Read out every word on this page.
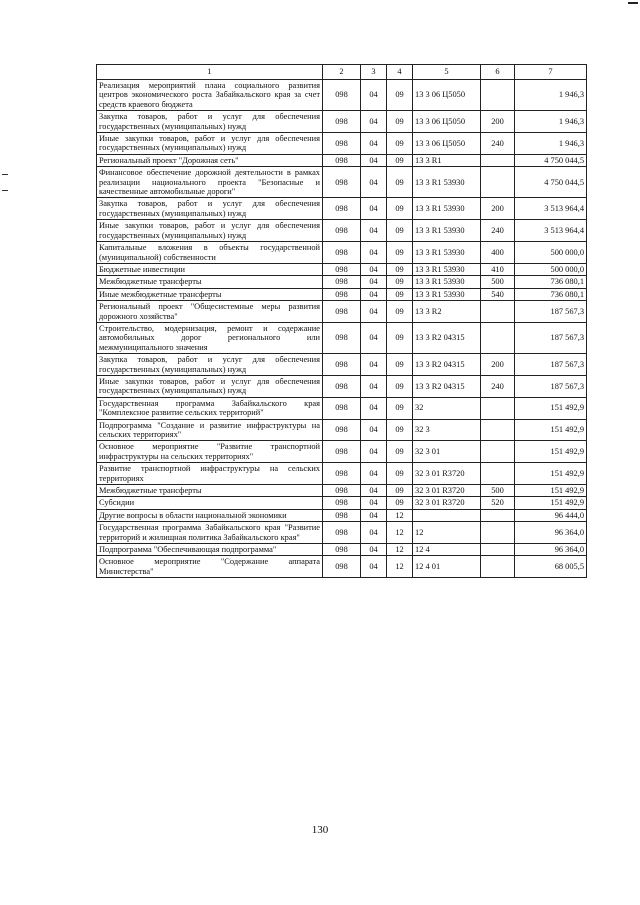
1	2	3	4	5	6	7
Реализация мероприятий плана социального развития центров экономического роста Забайкальского края за счет средств краевого бюджета	098	04	09	13 3 06 Ц5050		1 946,3
Закупка товаров, работ и услуг для обеспечения государственных (муниципальных) нужд	098	04	09	13 3 06 Ц5050	200	1 946,3
Иные закупки товаров, работ и услуг для обеспечения государственных (муниципальных) нужд	098	04	09	13 3 06 Ц5050	240	1 946,3
Региональный проект "Дорожная сеть"	098	04	09	13 3 R1		4 750 044,5
Финансовое обеспечение дорожной деятельности в рамках реализации национального проекта "Безопасные и качественные автомобильные дороги"	098	04	09	13 3 R1 53930		4 750 044,5
Закупка товаров, работ и услуг для обеспечения государственных (муниципальных) нужд	098	04	09	13 3 R1 53930	200	3 513 964,4
Иные закупки товаров, работ и услуг для обеспечения государственных (муниципальных) нужд	098	04	09	13 3 R1 53930	240	3 513 964,4
Капитальные вложения в объекты государственной (муниципальной) собственности	098	04	09	13 3 R1 53930	400	500 000,0
Бюджетные инвестиции	098	04	09	13 3 R1 53930	410	500 000,0
Межбюджетные трансферты	098	04	09	13 3 R1 53930	500	736 080,1
Иные межбюджетные трансферты	098	04	09	13 3 R1 53930	540	736 080,1
Региональный проект "Общесистемные меры развития дорожного хозяйства"	098	04	09	13 3 R2		187 567,3
Строительство, модернизация, ремонт и содержание автомобильных дорог регионального или межмуниципального значения	098	04	09	13 3 R2 04315		187 567,3
Закупка товаров, работ и услуг для обеспечения государственных (муниципальных) нужд	098	04	09	13 3 R2 04315	200	187 567,3
Иные закупки товаров, работ и услуг для обеспечения государственных (муниципальных) нужд	098	04	09	13 3 R2 04315	240	187 567,3
Государственная программа Забайкальского края "Комплексное развитие сельских территорий"	098	04	09	32		151 492,9
Подпрограмма "Создание и развитие инфраструктуры на сельских территориях"	098	04	09	32 3		151 492,9
Основное мероприятие "Развитие транспортной инфраструктуры на сельских территориях"	098	04	09	32 3 01		151 492,9
Развитие транспортной инфраструктуры на сельских территориях	098	04	09	32 3 01 R3720		151 492,9
Межбюджетные трансферты	098	04	09	32 3 01 R3720	500	151 492,9
Субсидии	098	04	09	32 3 01 R3720	520	151 492,9
Другие вопросы в области национальной экономики	098	04	12			96 444,0
Государственная программа Забайкальского края "Развитие территорий и жилищная политика Забайкальского края"	098	04	12	12		96 364,0
Подпрограмма "Обеспечивающая подпрограмма"	098	04	12	12 4		96 364,0
Основное мероприятие "Содержание аппарата Министерства"	098	04	12	12 4 01		68 005,5
130
